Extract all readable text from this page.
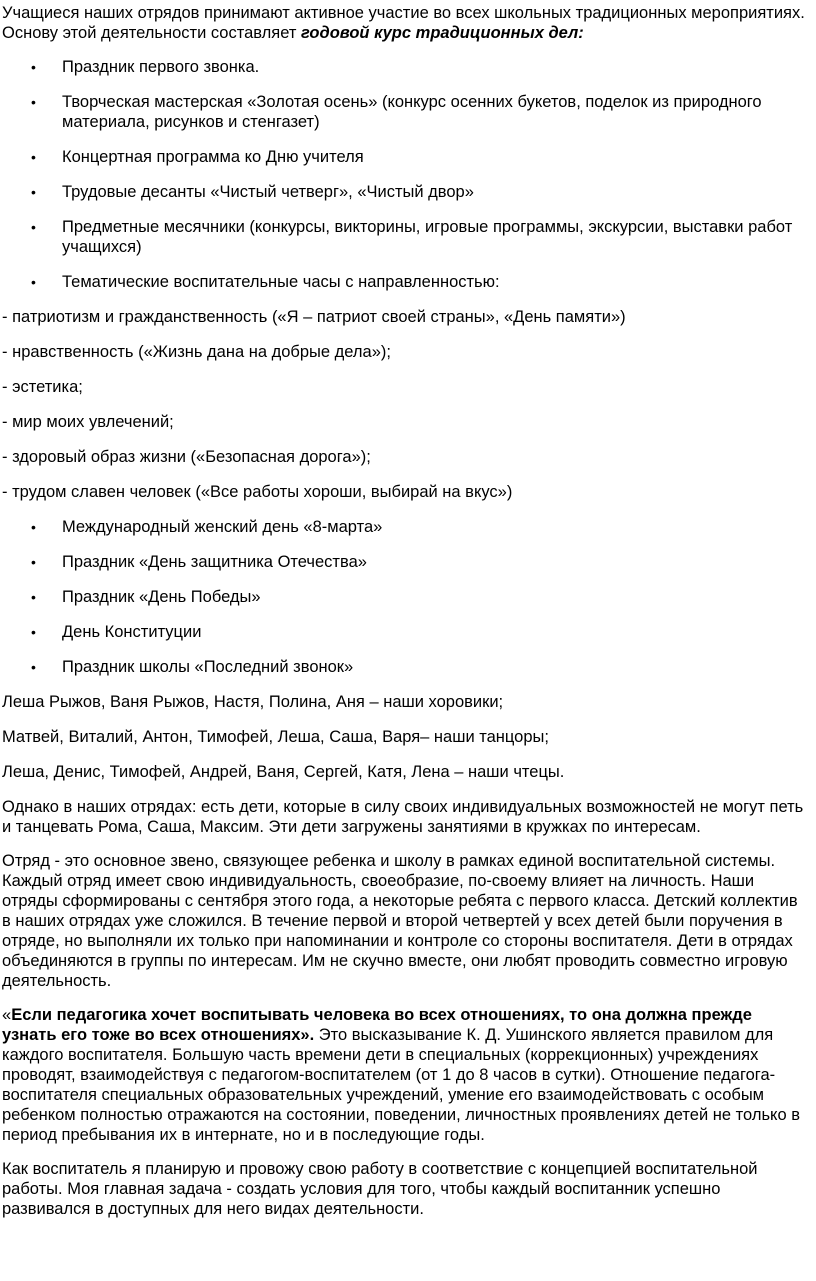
Учащиеся наших отрядов принимают активное участие во всех школьных традиционных мероприятиях. Основу этой деятельности составляет годовой курс традиционных дел:

• Праздник первого звонка.
• Творческая мастерская «Золотая осень» (конкурс осенних букетов, поделок из природного материала, рисунков и стенгазет)
• Концертная программа ко Дню учителя
• Трудовые десанты «Чистый четверг», «Чистый двор»
• Предметные месячники (конкурсы, викторины, игровые программы, экскурсии, выставки работ учащихся)
• Тематические воспитательные часы с направленностью:

- патриотизм и гражданственность («Я – патриот своей страны», «День памяти»)

- нравственность («Жизнь дана на добрые дела»);

- эстетика;

- мир моих увлечений;

- здоровый образ жизни («Безопасная дорога»);

- трудом славен человек («Все работы хороши, выбирай на вкус»)

• Международный женский день «8-марта»
• Праздник «День защитника Отечества»
• Праздник «День Победы»
• День Конституции
• Праздник школы «Последний звонок»

Леша Рыжов, Ваня Рыжов, Настя, Полина, Аня – наши хоровики;

Матвей, Виталий, Антон, Тимофей, Леша, Саша, Варя– наши танцоры;

Леша, Денис, Тимофей, Андрей, Ваня, Сергей, Катя, Лена – наши чтецы.

Однако в наших отрядах: есть дети, которые в силу своих индивидуальных возможностей не могут петь и танцевать Рома, Саша, Максим. Эти дети загружены занятиями в кружках по интересам.

Отряд - это основное звено, связующее ребенка и школу в рамках единой воспитательной системы. Каждый отряд имеет свою индивидуальность, своеобразие, по-своему влияет на личность. Наши отряды сформированы с сентября этого года, а некоторые ребята с первого класса. Детский коллектив в наших отрядах уже сложился. В течение первой и второй четвертей у всех детей были поручения в отряде, но выполняли их только при напоминании и контроле со стороны воспитателя. Дети в отрядах объединяются в группы по интересам. Им не скучно вместе, они любят проводить совместно игровую деятельность.

«Если педагогика хочет воспитывать человека во всех отношениях, то она должна прежде узнать его тоже во всех отношениях». Это высказывание К. Д. Ушинского является правилом для каждого воспитателя. Большую часть времени дети в специальных (коррекционных) учреждениях проводят, взаимодействуя с педагогом-воспитателем (от 1 до 8 часов в сутки). Отношение педагога-воспитателя специальных образовательных учреждений, умение его взаимодействовать с особым ребенком полностью отражаются на состоянии, поведении, личностных проявлениях детей не только в период пребывания их в интернате, но и в последующие годы.

Как воспитатель я планирую и провожу свою работу в соответствие с концепцией воспитательной работы. Моя главная задача - создать условия для того, чтобы каждый воспитанник успешно развивался в доступных для него видах деятельности.
